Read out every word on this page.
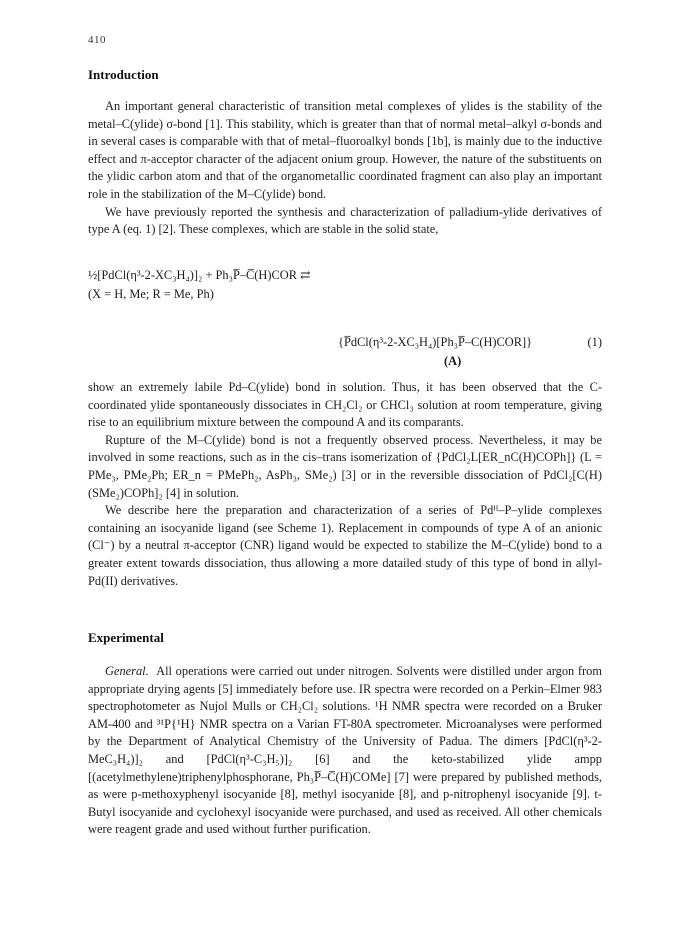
410
Introduction

An important general characteristic of transition metal complexes of ylides is the stability of the metal–C(ylide) σ-bond [1]. This stability, which is greater than that of normal metal–alkyl σ-bonds and in several cases is comparable with that of metal–fluoroalkyl bonds [1b], is mainly due to the inductive effect and π-acceptor character of the adjacent onium group. However, the nature of the substituents on the ylidic carbon atom and that of the organometallic coordinated fragment can also play an important role in the stabilization of the M–C(ylide) bond.

We have previously reported the synthesis and characterization of palladium-ylide derivatives of type A (eq. 1) [2]. These complexes, which are stable in the solid state,

½[PdCl(η³-2-XC₃H₄)]₂ + Ph₃P̅–C̅(H)COR ⇄
(X = H, Me; R = Me, Ph)
{P̅dCl(η³-2-XC₃H₄)[Ph₃P̅–C(H)COR]}	(1)
(A)

show an extremely labile Pd–C(ylide) bond in solution. Thus, it has been observed that the C-coordinated ylide spontaneously dissociates in CH₂Cl₂ or CHCl₃ solution at room temperature, giving rise to an equilibrium mixture between the compound A and its comparants.

Rupture of the M–C(ylide) bond is not a frequently observed process. Nevertheless, it may be involved in some reactions, such as in the cis–trans isomerization of {PdCl₂L[ER_nC(H)COPh]} (L = PMe₃, PMe₂Ph; ER_n = PMePh₂, AsPh₃, SMe₂) [3] or in the reversible dissociation of PdCl₂[C(H)(SMe₂)COPh]₂ [4] in solution.

We describe here the preparation and characterization of a series of Pdᴵᴵ–P–ylide complexes containing an isocyanide ligand (see Scheme 1). Replacement in compounds of type A of an anionic (Cl⁻) by a neutral π-acceptor (CNR) ligand would be expected to stabilize the M–C(ylide) bond to a greater extent towards dissociation, thus allowing a more datailed study of this type of bond in allyl-Pd(II) derivatives.

Experimental

General. All operations were carried out under nitrogen. Solvents were distilled under argon from appropriate drying agents [5] immediately before use. IR spectra were recorded on a Perkin–Elmer 983 spectrophotometer as Nujol Mulls or CH₂Cl₂ solutions. ¹H NMR spectra were recorded on a Bruker AM-400 and ³¹P{¹H} NMR spectra on a Varian FT-80A spectrometer. Microanalyses were performed by the Department of Analytical Chemistry of the University of Padua. The dimers [PdCl(η³-2-MeC₃H₄)]₂ and [PdCl(η³-C₃H₅)]₂ [6] and the keto-stabilized ylide ampp [(acetylmethylene)triphenylphosphorane, Ph₃P̅–C̅(H)COMe] [7] were prepared by published methods, as were p-methoxyphenyl isocyanide [8], methyl isocyanide [8], and p-nitrophenyl isocyanide [9]. t-Butyl isocyanide and cyclohexyl isocyanide were purchased, and used as received. All other chemicals were reagent grade and used without further purification.
